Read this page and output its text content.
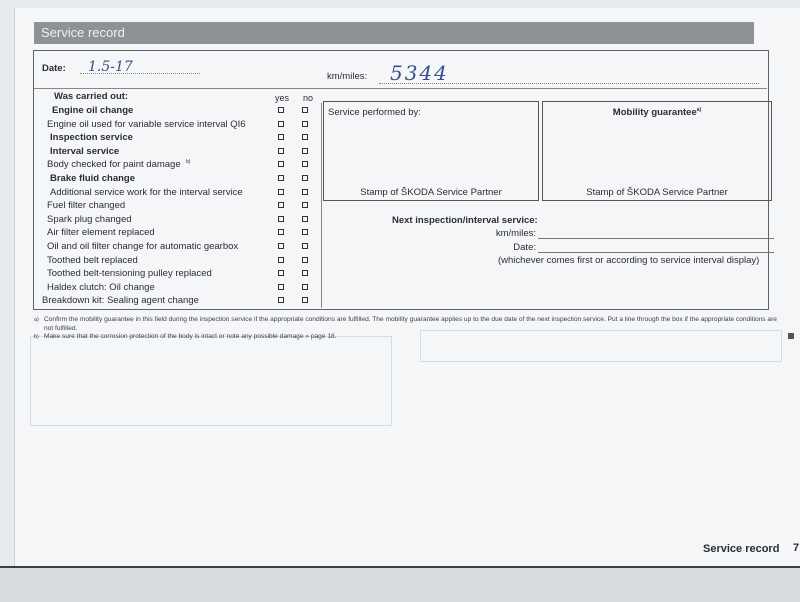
Service record
Date: 1.5-17
km/miles: 5344
Was carried out:	yes no
Engine oil change
Engine oil used for variable service interval QI6
Inspection service
Interval service
Body checked for paint damage b)
Brake fluid change
Additional service work for the interval service
Fuel filter changed
Spark plug changed
Air filter element replaced
Oil and oil filter change for automatic gearbox
Toothed belt replaced
Toothed belt-tensioning pulley replaced
Haldex clutch: Oil change
Breakdown kit: Sealing agent change
Service performed by:
Stamp of ŠKODA Service Partner
Mobility guarantee$^{a)}$
Stamp of ŠKODA Service Partner
Next inspection/interval service:
km/miles:
Date:
(whichever comes first or according to service interval display)
a) Confirm the mobility guarantee in this field during the inspection service if the appropriate conditions are fulfilled. The mobility guarantee applies up to the due date of the next inspection service. Put a line through the box if the appropriate conditions are not fulfilled.
b) Make sure that the corrosion protection of the body is intact or note any possible damage » page 18.
Service record 7
